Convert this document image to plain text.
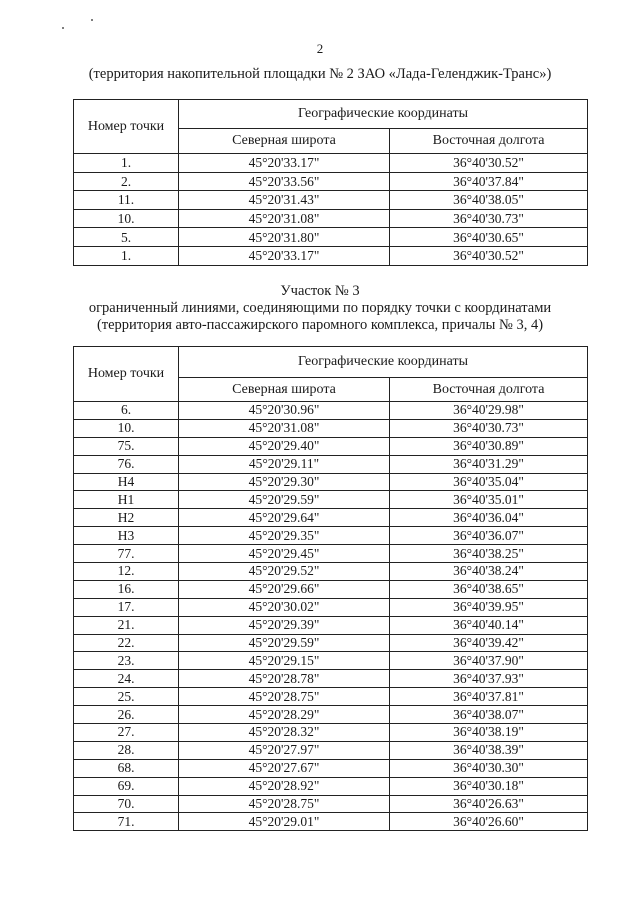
2
(территория накопительной площадки № 2 ЗАО «Лада-Геленджик-Транс»)
Номер точки	Географические координаты	
	Северная широта	Восточная долгота
1.	45°20'33.17"	36°40'30.52"
2.	45°20'33.56"	36°40'37.84"
11.	45°20'31.43"	36°40'38.05"
10.	45°20'31.08"	36°40'30.73"
5.	45°20'31.80"	36°40'30.65"
1.	45°20'33.17"	36°40'30.52"
Участок № 3
ограниченный линиями, соединяющими по порядку точки с координатами
(территория авто-пассажирского паромного комплекса, причалы № 3, 4)
Номер точки	Географические координаты	
	Северная широта	Восточная долгота
6.	45°20'30.96"	36°40'29.98"
10.	45°20'31.08"	36°40'30.73"
75.	45°20'29.40"	36°40'30.89"
76.	45°20'29.11"	36°40'31.29"
Н4	45°20'29.30"	36°40'35.04"
Н1	45°20'29.59"	36°40'35.01"
Н2	45°20'29.64"	36°40'36.04"
Н3	45°20'29.35"	36°40'36.07"
77.	45°20'29.45"	36°40'38.25"
12.	45°20'29.52"	36°40'38.24"
16.	45°20'29.66"	36°40'38.65"
17.	45°20'30.02"	36°40'39.95"
21.	45°20'29.39"	36°40'40.14"
22.	45°20'29.59"	36°40'39.42"
23.	45°20'29.15"	36°40'37.90"
24.	45°20'28.78"	36°40'37.93"
25.	45°20'28.75"	36°40'37.81"
26.	45°20'28.29"	36°40'38.07"
27.	45°20'28.32"	36°40'38.19"
28.	45°20'27.97"	36°40'38.39"
68.	45°20'27.67"	36°40'30.30"
69.	45°20'28.92"	36°40'30.18"
70.	45°20'28.75"	36°40'26.63"
71.	45°20'29.01"	36°40'26.60"
